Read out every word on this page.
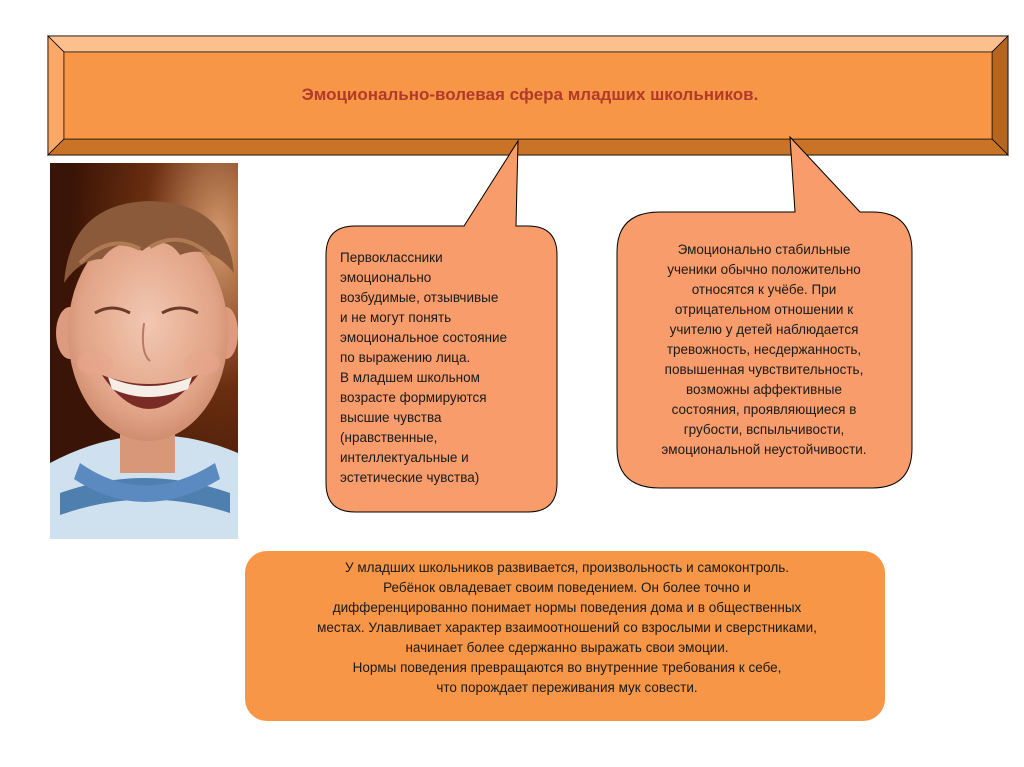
Эмоционально-волевая сфера младших школьников.
Первоклассники
эмоционально
возбудимые, отзывчивые
и не могут понять
эмоциональное состояние
по выражению лица.
В младшем школьном
возрасте формируются
высшие чувства
(нравственные,
интеллектуальные и
эстетические чувства)
Эмоционально стабильные
ученики обычно положительно
относятся к учёбе. При
отрицательном отношении к
учителю у детей наблюдается
тревожность, несдержанность,
повышенная чувствительность,
возможны аффективные
состояния, проявляющиеся в
грубости, вспыльчивости,
эмоциональной неустойчивости.
У младших школьников развивается, произвольность и самоконтроль.
Ребёнок овладевает своим поведением. Он более точно и
дифференцированно понимает нормы поведения дома и в общественных
местах. Улавливает характер взаимоотношений со взрослыми и сверстниками,
начинает более сдержанно выражать свои эмоции.
Нормы поведения превращаются во внутренние требования к себе,
что порождает переживания мук совести.
